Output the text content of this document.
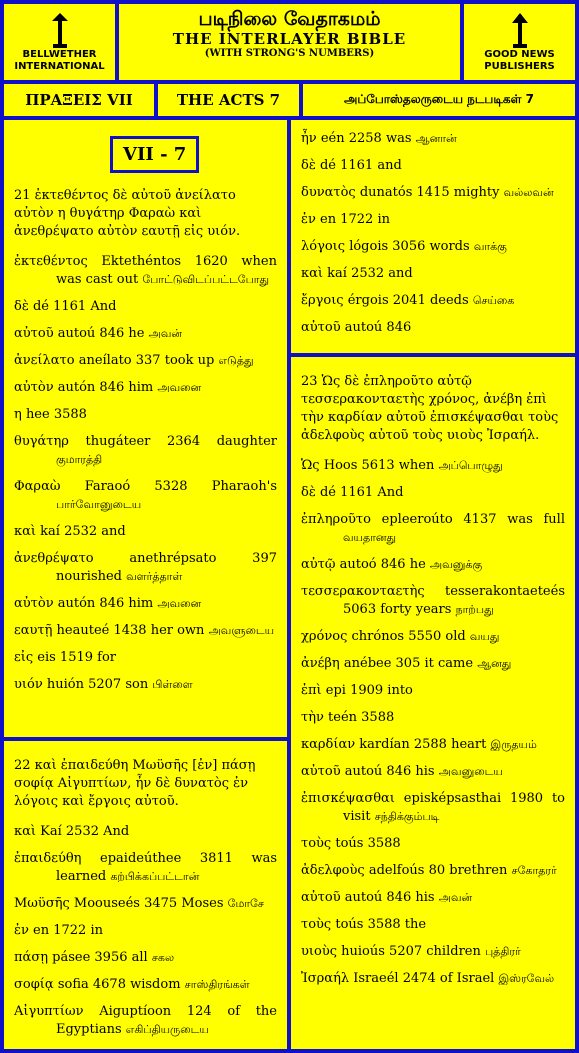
BELLWETHER INTERNATIONAL
படிநிலை வேதாகமம்
THE INTERLAYER BIBLE
(WITH STRONG'S NUMBERS)	GOOD NEWS PUBLISHERS
ΠΡΑΞΕΙΣ VII	THE ACTS 7	அப்போஸ்தலருடைய நடபடிகள் 7
VII - 7
21 ἐκτεθέντος δὲ αὐτοῦ ἀνείλατο αὐτὸν η θυγάτηρ Φαραὼ καὶ ἀνεθρέψατο αὐτὸν εαυτῇ εἰς υιόν.
ἐκτεθέντος Ektethéntos 1620 when was cast out போட்டுவிடப்பட்டபோது
δὲ dé 1161 And
αὐτοῦ autoú 846 he அவன்
ἀνείλατο aneílato 337 took up எடுத்து
αὐτὸν autón 846 him அவனை
η hee 3588
θυγάτηρ thugáteer 2364 daughter குமாரத்தி
Φαραὼ Faraoó 5328 Pharaoh's பார்வோனுடைய
καὶ kaí 2532 and
ἀνεθρέψατο	anethrépsato 397 nourished வளர்த்தாள்
αὐτὸν autón 846 him அவனை
εαυτῇ heauteé 1438 her own அவளுடைய
εἰς eis 1519 for
υιόν huión 5207 son பிள்ளை
22 καὶ ἐπαιδεύθη Μωϋσῆς [ἐν] πάσῃ σοφίᾳ Αἰγυπτίων, ἦν δὲ δυνατὸς ἐν λόγοις καὶ ἔργοις αὐτοῦ.
καὶ Kaí 2532 And
ἐπαιδεύθη epaideúthee 3811 was learned கற்பிக்கப்பட்டான்
Μωϋσῆς Moouseés 3475 Moses மோசே
ἐν en 1722 in
πάσῃ pásee 3956 all சகல
σοφίᾳ sofia 4678 wisdom சாஸ்திரங்கள்
Αἰγυπτίων Aiguptíoon 124 of the Egyptians எகிப்தியருடைய
ἦν eén 2258 was ஆனான்
δὲ dé 1161 and
δυνατὸς dunatós 1415 mighty வல்லவன்
ἐν en 1722 in
λόγοις lógois 3056 words வாக்கு
καὶ kaí 2532 and
ἔργοις érgois 2041 deeds செய்கை
αὐτοῦ autoú 846
23 Ὡς δὲ ἐπληροῦτο αὐτῷ τεσσερακονταετὴς χρόνος, ἀνέβη ἐπὶ τὴν καρδίαν αὐτοῦ ἐπισκέψασθαι τοὺς ἀδελφοὺς αὐτοῦ τοὺς υιοὺς Ἰσραήλ.
Ὡς Hoos 5613 when அப்பொழுது
δὲ dé 1161 And
ἐπληροῦτο epleeroúto 4137 was full வயதானது
αὐτῷ autoó 846 he அவனுக்கு
τεσσερακονταετὴς tesserakontaeteés 5063 forty years நாற்பது
χρόνος chrónos 5550 old வயது
ἀνέβη anébee 305 it came ஆனது
ἐπὶ epi 1909 into
τὴν teén 3588
καρδίαν kardían 2588 heart இருதயம்
αὐτοῦ autoú 846 his அவனுடைய
ἐπισκέψασθαι episképsasthai 1980 to visit சந்திக்கும்படி
τοὺς toús 3588
ἀδελφοὺς adelfoús 80 brethren சகோதரர்
αὐτοῦ autoú 846 his அவன்
τοὺς toús 3588 the
υιοὺς huioús 5207 children புத்திரர்
Ἰσραήλ Israeél 2474 of Israel இஸ்ரவேல்
